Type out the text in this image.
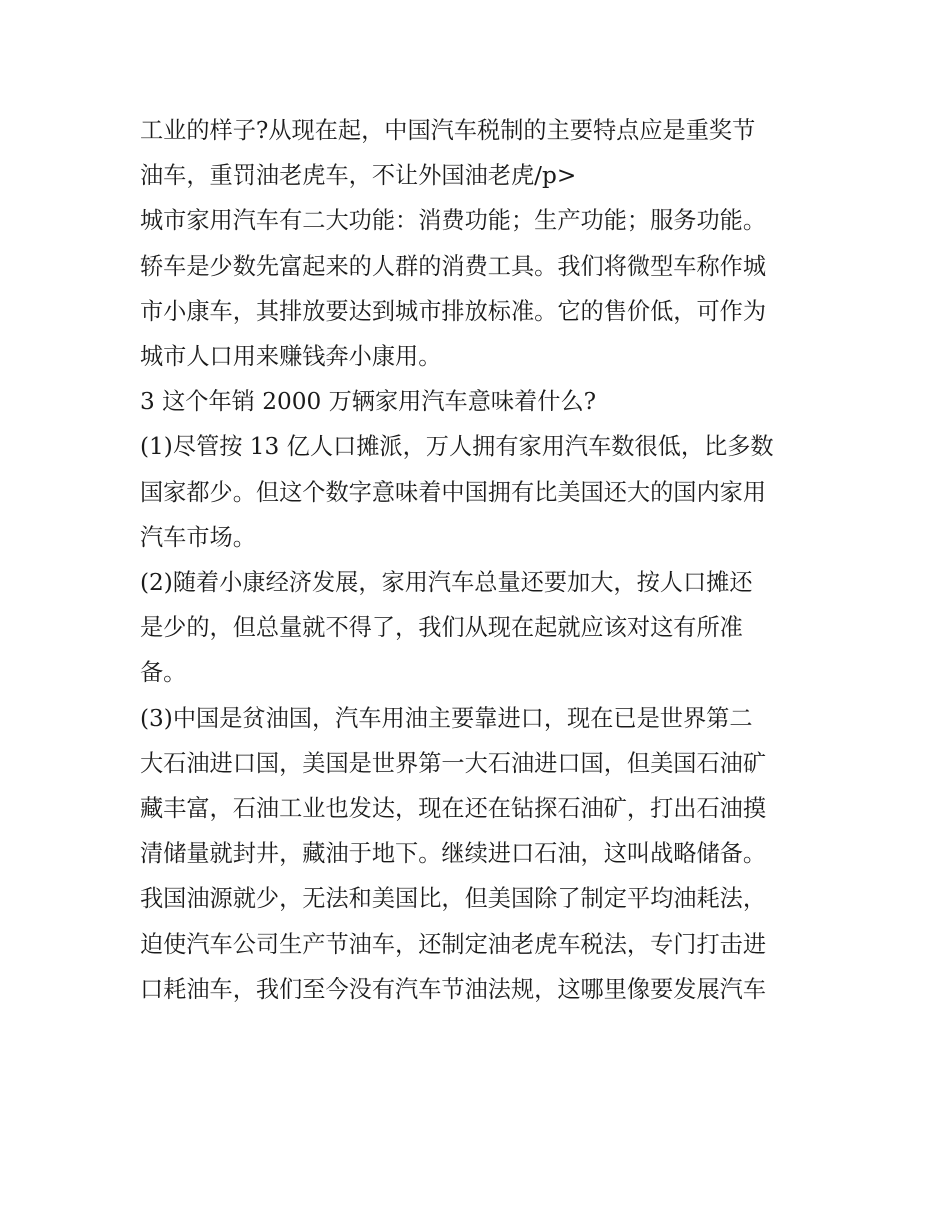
工业的样子?从现在起，中国汽车税制的主要特点应是重奖节
油车，重罚油老虎车，不让外国油老虎/p>

城市家用汽车有二大功能：消费功能；生产功能；服务功能。
轿车是少数先富起来的人群的消费工具。我们将微型车称作城
市小康车，其排放要达到城市排放标准。它的售价低，可作为
城市人口用来赚钱奔小康用。

3 这个年销 2000 万辆家用汽车意味着什么?

(1)尽管按 13 亿人口摊派，万人拥有家用汽车数很低，比多数
国家都少。但这个数字意味着中国拥有比美国还大的国内家用
汽车市场。

(2)随着小康经济发展，家用汽车总量还要加大，按人口摊还
是少的，但总量就不得了，我们从现在起就应该对这有所准
备。

(3)中国是贫油国，汽车用油主要靠进口，现在已是世界第二
大石油进口国，美国是世界第一大石油进口国，但美国石油矿
藏丰富，石油工业也发达，现在还在钻探石油矿，打出石油摸
清储量就封井，藏油于地下。继续进口石油，这叫战略储备。
我国油源就少，无法和美国比，但美国除了制定平均油耗法，
迫使汽车公司生产节油车，还制定油老虎车税法，专门打击进
口耗油车，我们至今没有汽车节油法规，这哪里像要发展汽车
